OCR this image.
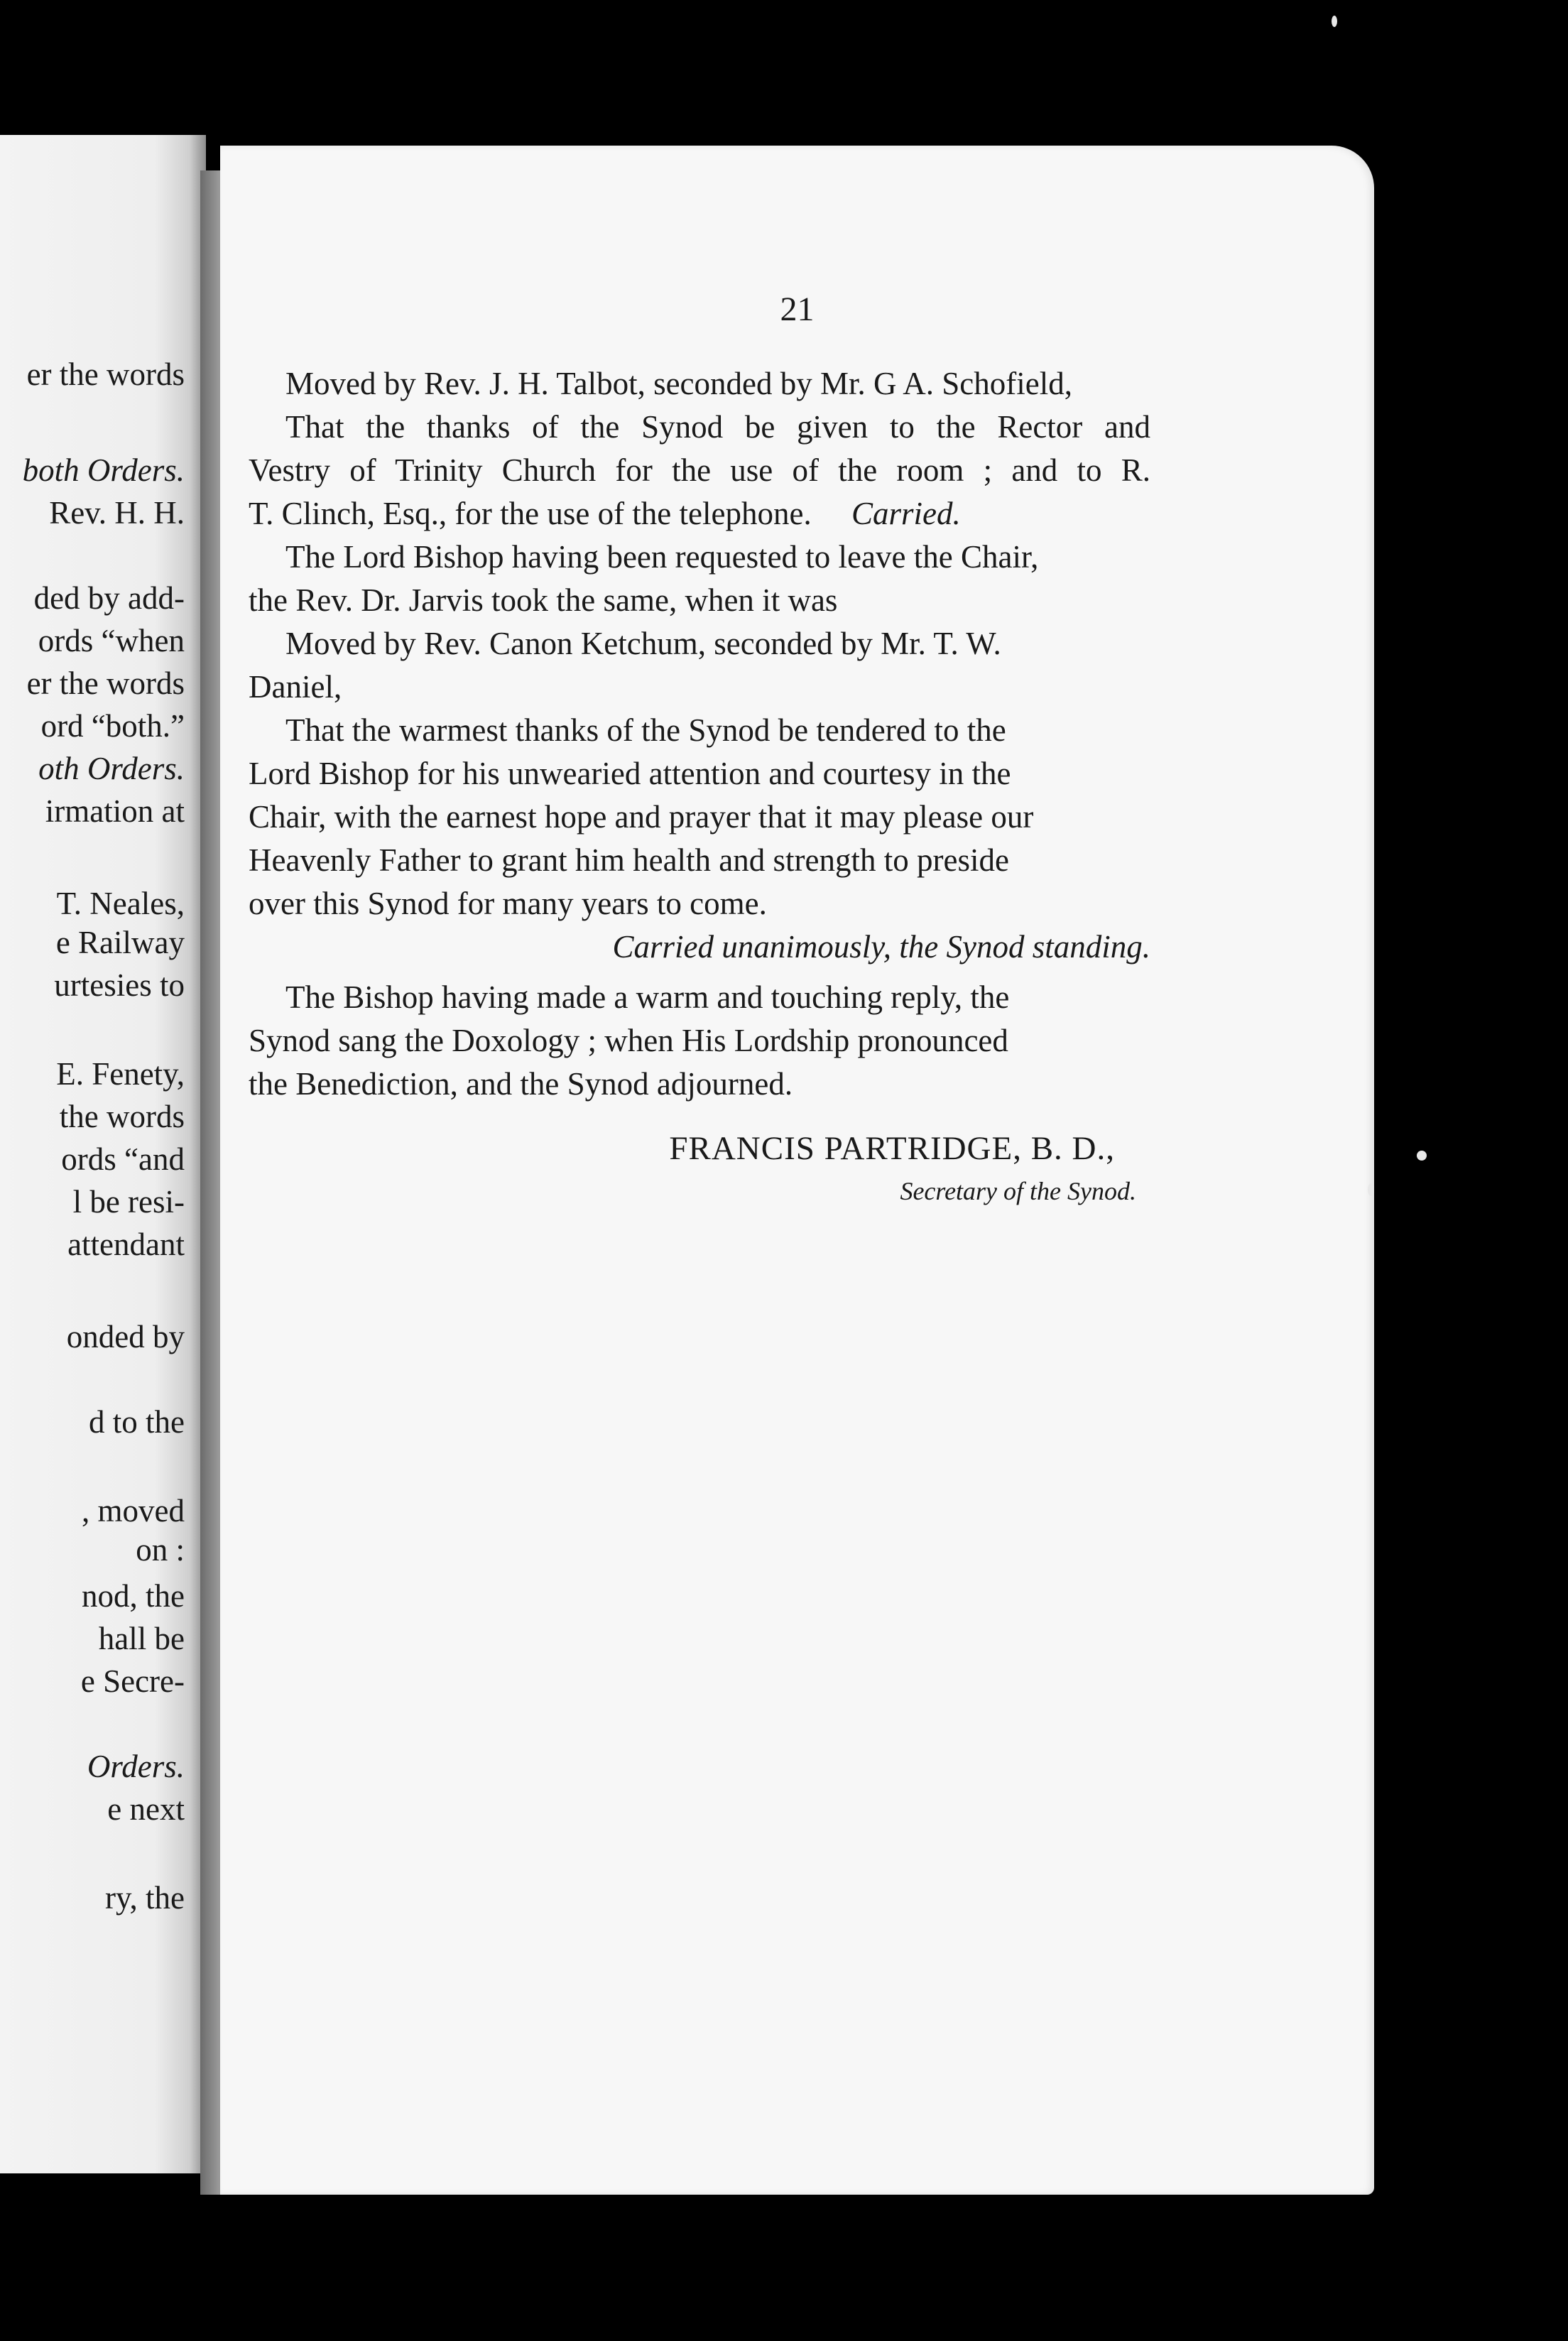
er the words
both Orders.
Rev. H. H.
ded by add-
ords “when
er the words
ord “both.”
oth Orders.
irmation at
T. Neales,
e Railway
urtesies to
E. Fenety,
the words
ords “and
l be resi-
attendant
onded by
d to the
, moved
on :
nod, the
hall be
e Secre-
Orders.
e next
ry, the
21

Moved by Rev. J. H. Talbot, seconded by Mr. G A. Schofield,

That the thanks of the Synod be given to the Rector and
Vestry of Trinity Church for the use of the room ; and to R.

T. Clinch, Esq., for the use of the telephone. Carried.

The Lord Bishop having been requested to leave the Chair,
the Rev. Dr. Jarvis took the same, when it was

Moved by Rev. Canon Ketchum, seconded by Mr. T. W.
Daniel,

That the warmest thanks of the Synod be tendered to the
Lord Bishop for his unwearied attention and courtesy in the
Chair, with the earnest hope and prayer that it may please our
Heavenly Father to grant him health and strength to preside
over this Synod for many years to come.

Carried unanimously, the Synod standing.

The Bishop having made a warm and touching reply, the
Synod sang the Doxology ; when His Lordship pronounced
the Benediction, and the Synod adjourned.

FRANCIS PARTRIDGE, B. D.,

Secretary of the Synod.
